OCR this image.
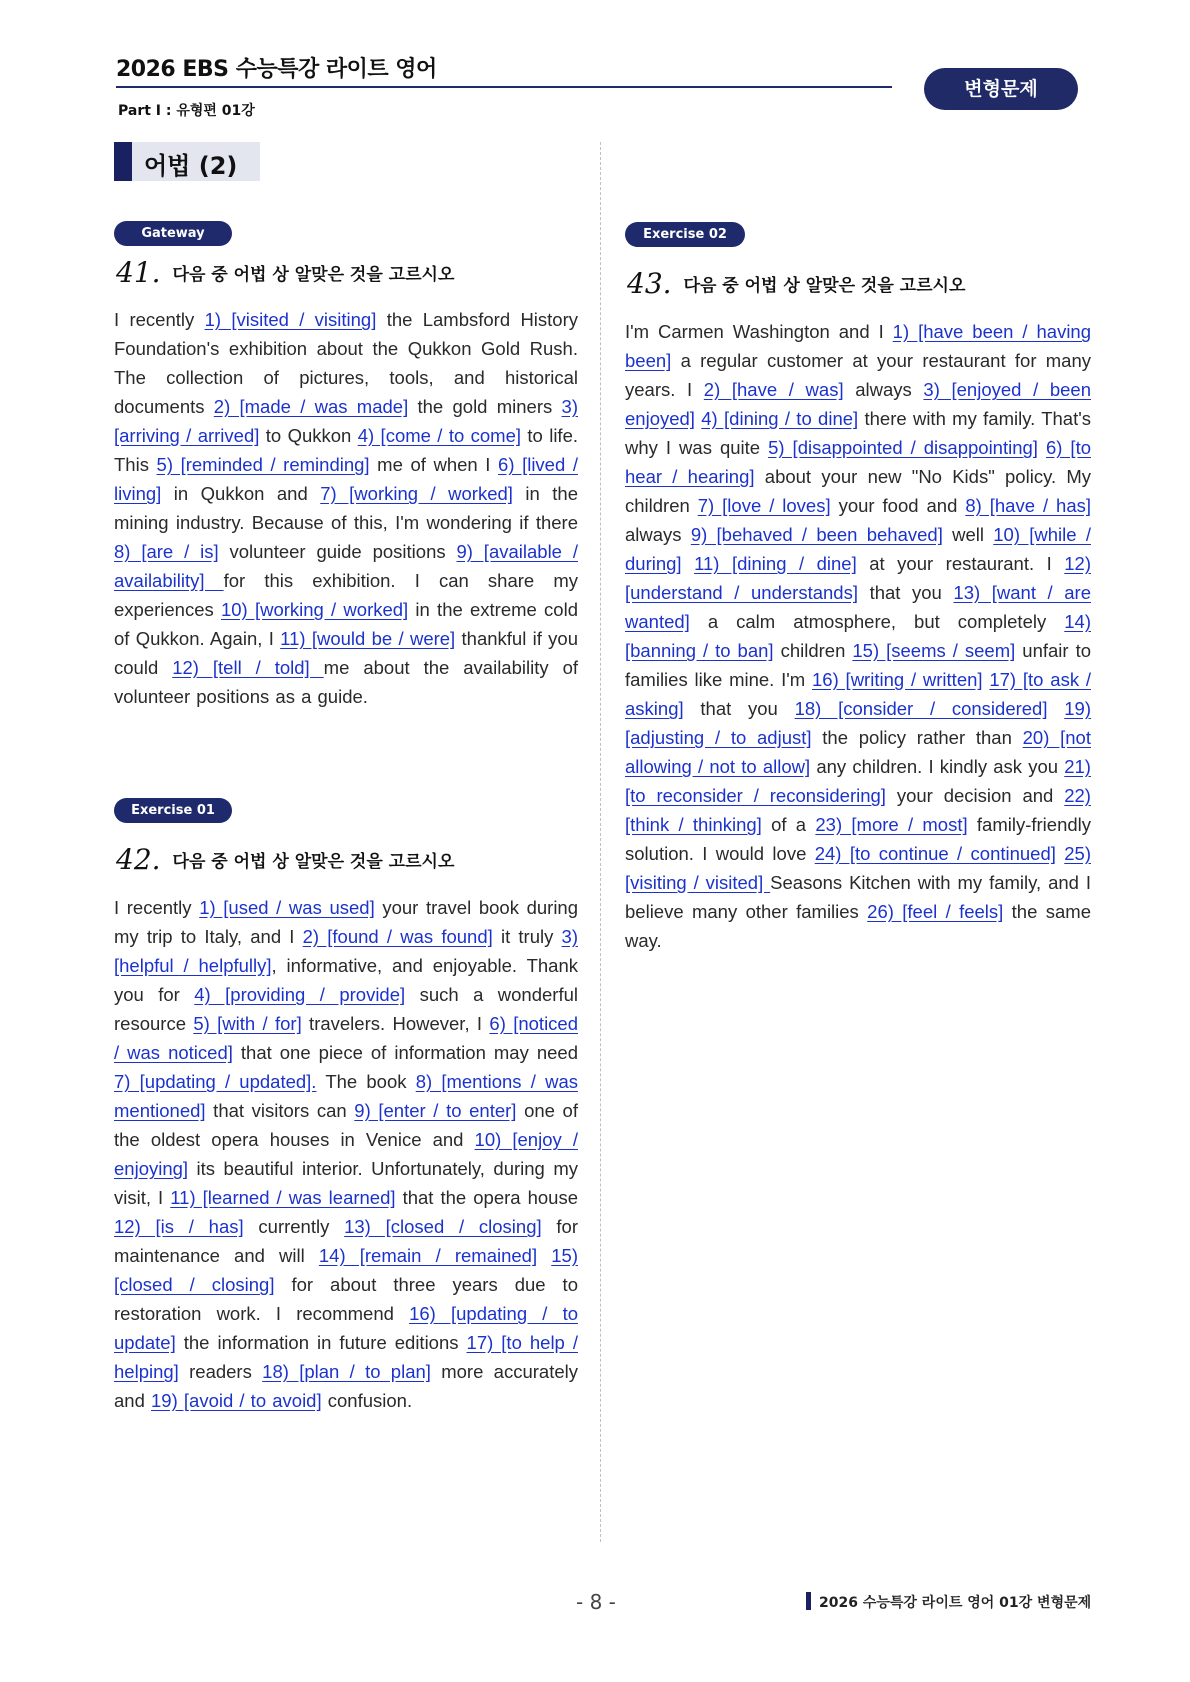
2026 EBS 수능특강 라이트 영어
Part Ⅰ : 유형편 01강
변형문제
어법 (2)
Gateway
41. 다음 중 어법 상 알맞은 것을 고르시오

I recently 1) [visited / visiting] the Lambsford History Foundation's exhibition about the Qukkon Gold Rush. The collection of pictures, tools, and historical documents 2) [made / was made] the gold miners 3) [arriving / arrived] to Qukkon 4) [come / to come] to life. This 5) [reminded / reminding] me of when I 6) [lived / living] in Qukkon and 7) [working / worked] in the mining industry. Because of this, I'm wondering if there 8) [are / is] volunteer guide positions 9) [available / availability] for this exhibition. I can share my experiences 10) [working / worked] in the extreme cold of Qukkon. Again, I 11) [would be / were] thankful if you could 12) [tell / told] me about the availability of volunteer positions as a guide.

Exercise 01
42. 다음 중 어법 상 알맞은 것을 고르시오

I recently 1) [used / was used] your travel book during my trip to Italy, and I 2) [found / was found] it truly 3) [helpful / helpfully], informative, and enjoyable. Thank you for 4) [providing / provide] such a wonderful resource 5) [with / for] travelers. However, I 6) [noticed / was noticed] that one piece of information may need 7) [updating / updated]. The book 8) [mentions / was mentioned] that visitors can 9) [enter / to enter] one of the oldest opera houses in Venice and 10) [enjoy / enjoying] its beautiful interior. Unfortunately, during my visit, I 11) [learned / was learned] that the opera house 12) [is / has] currently 13) [closed / closing] for maintenance and will 14) [remain / remained] 15) [closed / closing] for about three years due to restoration work. I recommend 16) [updating / to update] the information in future editions 17) [to help / helping] readers 18) [plan / to plan] more accurately and 19) [avoid / to avoid] confusion.

Exercise 02
43. 다음 중 어법 상 알맞은 것을 고르시오

I'm Carmen Washington and I 1) [have been / having been] a regular customer at your restaurant for many years. I 2) [have / was] always 3) [enjoyed / been enjoyed] 4) [dining / to dine] there with my family. That's why I was quite 5) [disappointed / disappointing] 6) [to hear / hearing] about your new "No Kids" policy. My children 7) [love / loves] your food and 8) [have / has] always 9) [behaved / been behaved] well 10) [while / during] 11) [dining / dine] at your restaurant. I 12) [understand / understands] that you 13) [want / are wanted] a calm atmosphere, but completely 14) [banning / to ban] children 15) [seems / seem] unfair to families like mine. I'm 16) [writing / written] 17) [to ask / asking] that you 18) [consider / considered] 19) [adjusting / to adjust] the policy rather than 20) [not allowing / not to allow] any children. I kindly ask you 21) [to reconsider / reconsidering] your decision and 22) [think / thinking] of a 23) [more / most] family-friendly solution. I would love 24) [to continue / continued] 25) [visiting / visited] Seasons Kitchen with my family, and I believe many other families 26) [feel / feels] the same way.

- 8 -	2026 수능특강 라이트 영어 01강 변형문제
